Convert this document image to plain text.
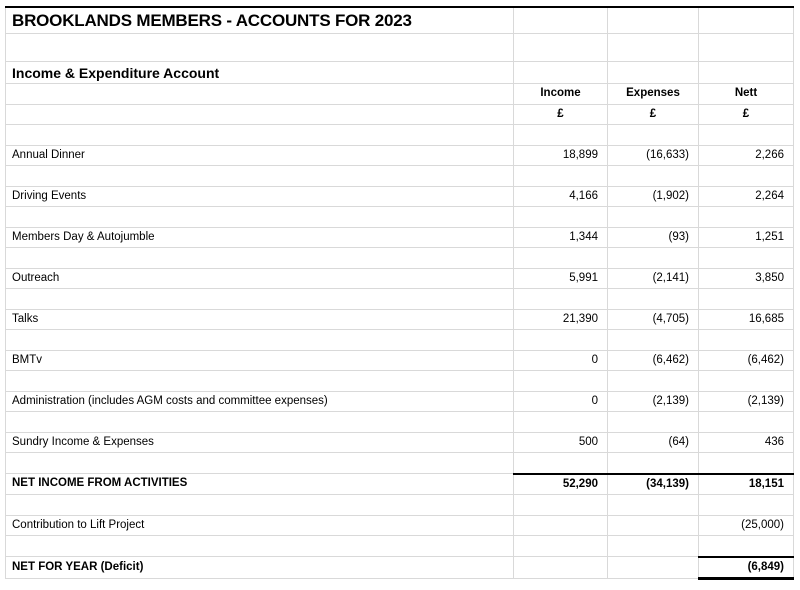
BROOKLANDS MEMBERS - ACCOUNTS FOR 2023			

Income & Expenditure Account			
	Income	Expenses	Nett
	£	£	£

Annual Dinner	18,899	(16,633)	2,266

Driving Events	4,166	(1,902)	2,264

Members Day & Autojumble	1,344	(93)	1,251

Outreach	5,991	(2,141)	3,850

Talks	21,390	(4,705)	16,685

BMTv	0	(6,462)	(6,462)

Administration (includes AGM costs and committee expenses)	0	(2,139)	(2,139)

Sundry Income & Expenses	500	(64)	436

NET INCOME FROM ACTIVITIES	52,290	(34,139)	18,151

Contribution to Lift Project			(25,000)

NET FOR YEAR (Deficit)			(6,849)
